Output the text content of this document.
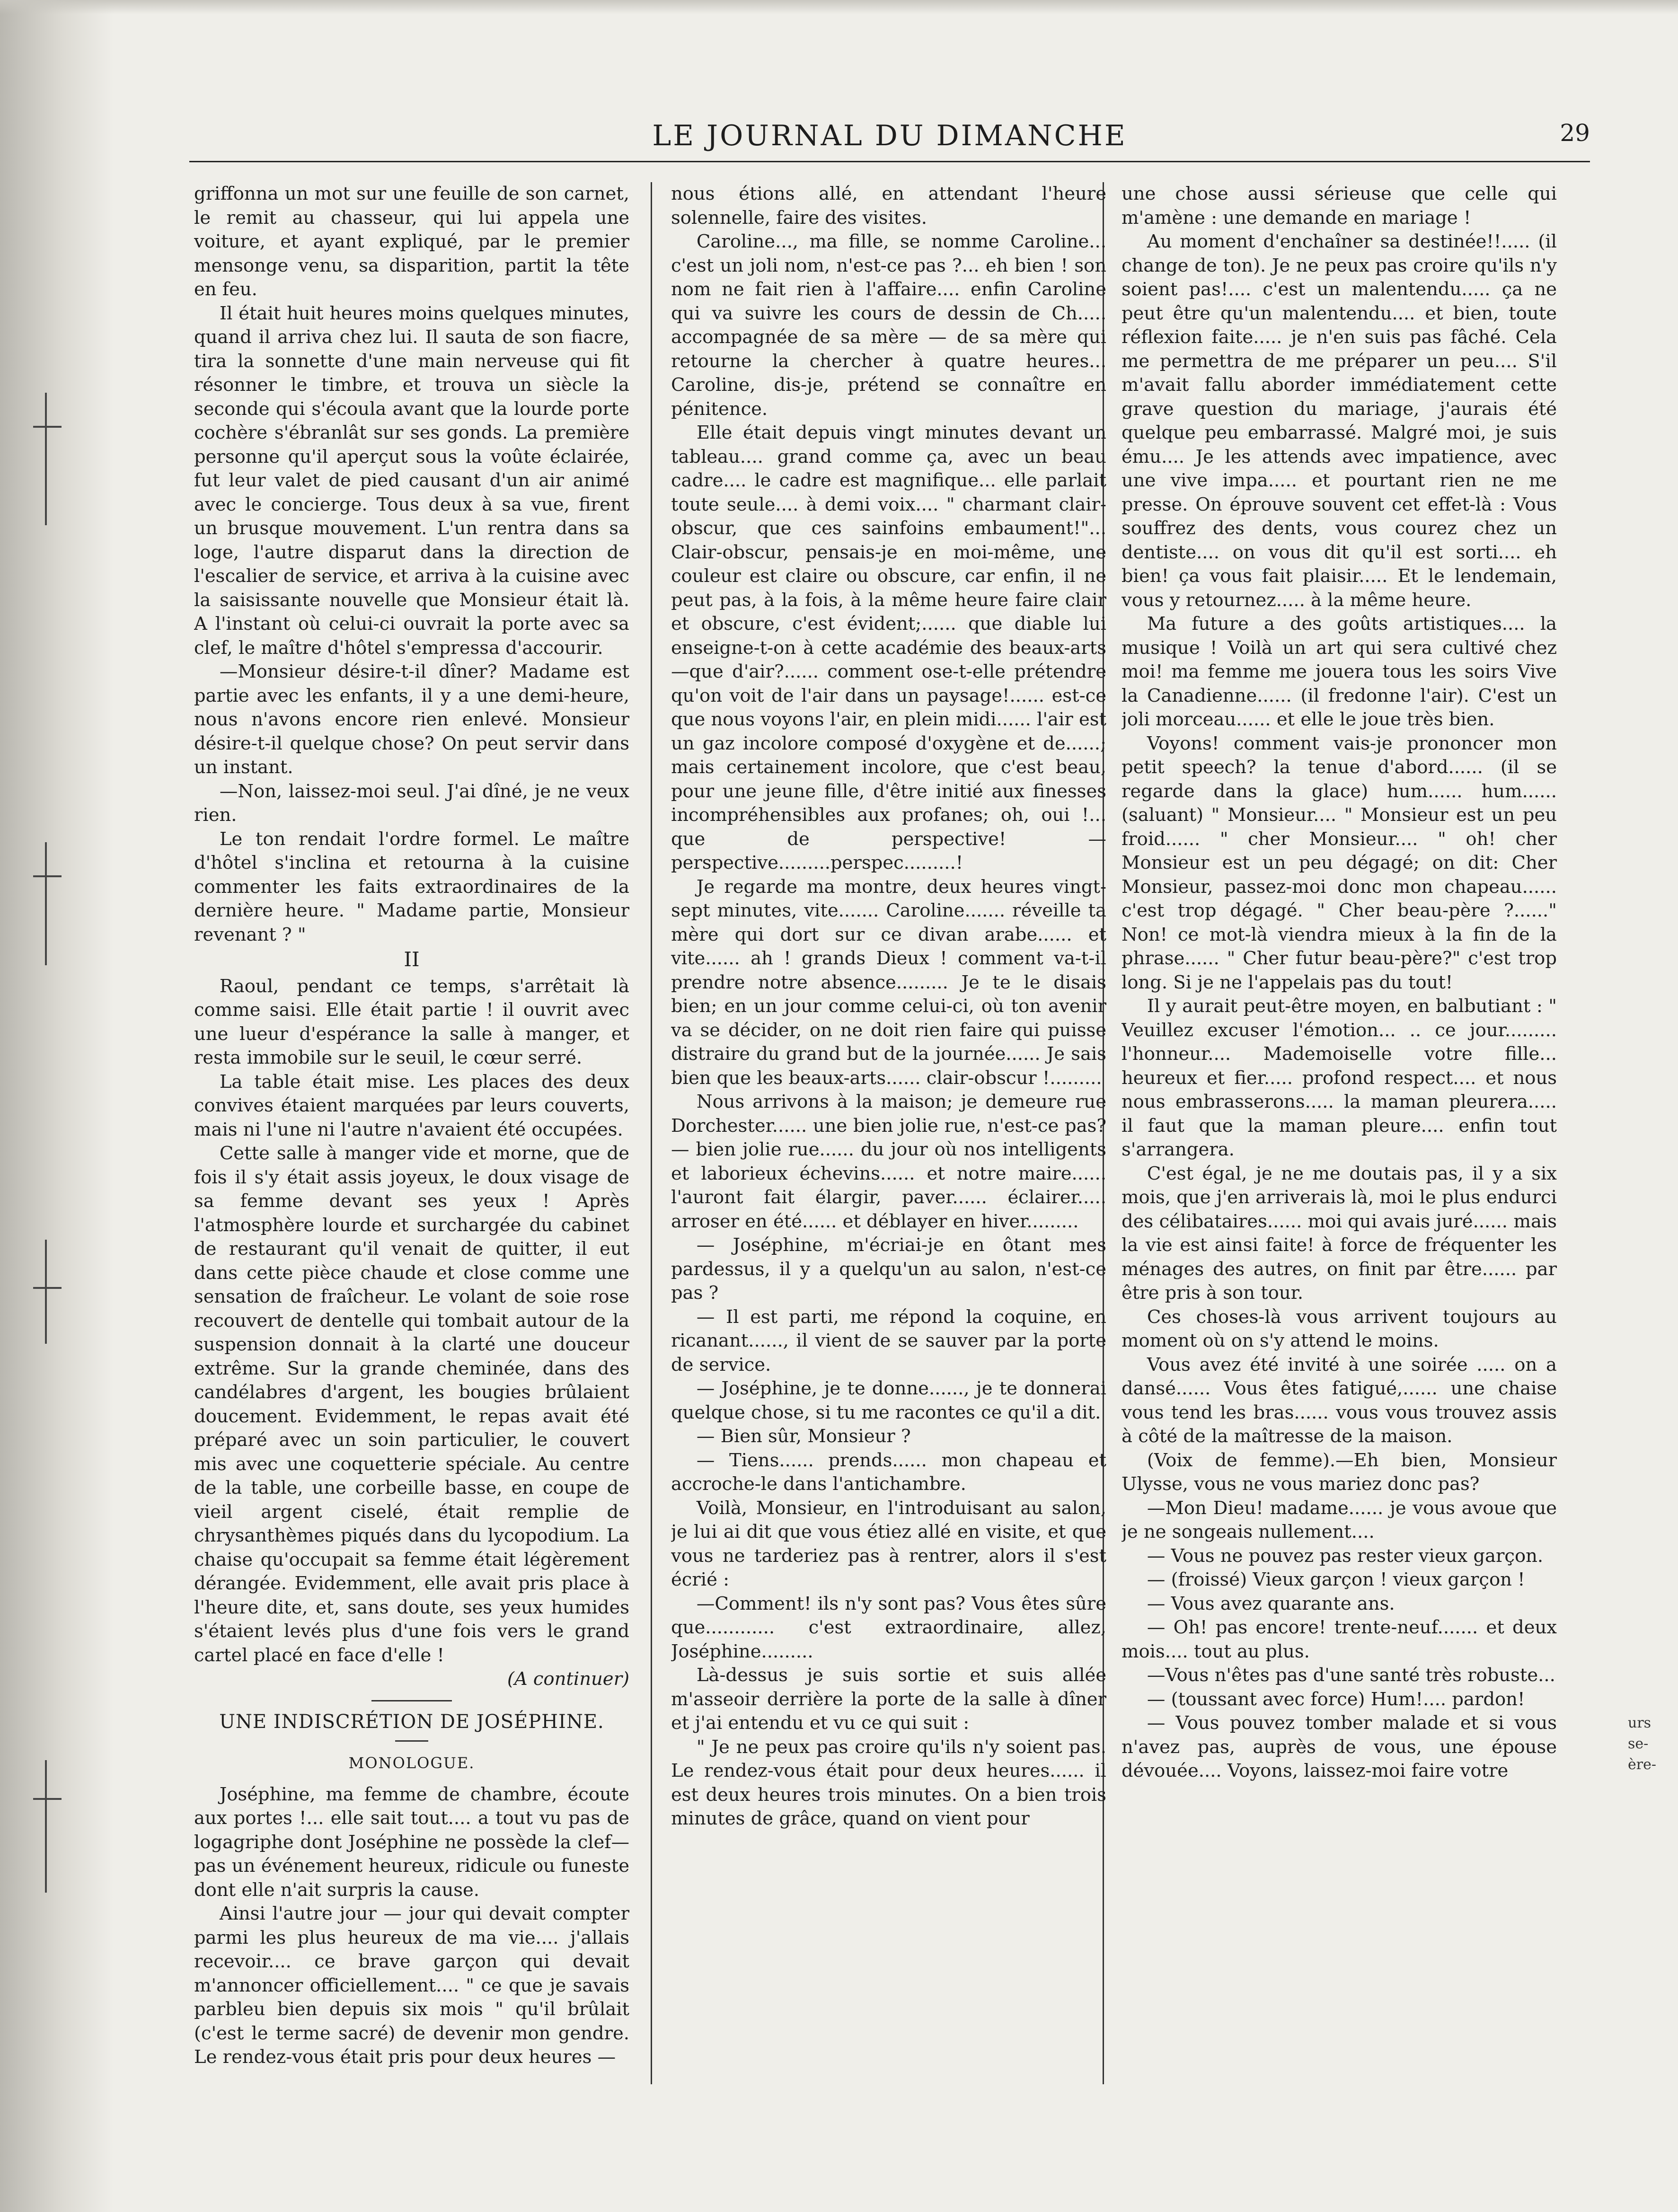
LE JOURNAL DU DIMANCHE	29

griffonna un mot sur une feuille de son carnet, le remit au chasseur, qui lui appela une voiture, et ayant expliqué, par le premier mensonge venu, sa disparition, partit la tête en feu.

Il était huit heures moins quelques minutes, quand il arriva chez lui. Il sauta de son fiacre, tira la sonnette d'une main nerveuse qui fit résonner le timbre, et trouva un siècle la seconde qui s'écoula avant que la lourde porte cochère s'ébranlât sur ses gonds. La première personne qu'il aperçut sous la voûte éclairée, fut leur valet de pied causant d'un air animé avec le concierge. Tous deux à sa vue, firent un brusque mouvement. L'un rentra dans sa loge, l'autre disparut dans la direction de l'escalier de service, et arriva à la cuisine avec la saisissante nouvelle que Monsieur était là. A l'instant où celui-ci ouvrait la porte avec sa clef, le maître d'hôtel s'empressa d'accourir.

—Monsieur désire-t-il dîner? Madame est partie avec les enfants, il y a une demi-heure, nous n'avons encore rien enlevé. Monsieur désire-t-il quelque chose? On peut servir dans un instant.

—Non, laissez-moi seul. J'ai dîné, je ne veux rien.

Le ton rendait l'ordre formel. Le maître d'hôtel s'inclina et retourna à la cuisine commenter les faits extraordinaires de la dernière heure. " Madame partie, Monsieur revenant ? "

II

Raoul, pendant ce temps, s'arrêtait là comme saisi. Elle était partie ! il ouvrit avec une lueur d'espérance la salle à manger, et resta immobile sur le seuil, le cœur serré.

La table était mise. Les places des deux convives étaient marquées par leurs couverts, mais ni l'une ni l'autre n'avaient été occupées.

Cette salle à manger vide et morne, que de fois il s'y était assis joyeux, le doux visage de sa femme devant ses yeux ! Après l'atmosphère lourde et surchargée du cabinet de restaurant qu'il venait de quitter, il eut dans cette pièce chaude et close comme une sensation de fraîcheur. Le volant de soie rose recouvert de dentelle qui tombait autour de la suspension donnait à la clarté une douceur extrême. Sur la grande cheminée, dans des candélabres d'argent, les bougies brûlaient doucement. Evidemment, le repas avait été préparé avec un soin particulier, le couvert mis avec une coquetterie spéciale. Au centre de la table, une corbeille basse, en coupe de vieil argent ciselé, était remplie de chrysanthèmes piqués dans du lycopodium. La chaise qu'occupait sa femme était légèrement dérangée. Evidemment, elle avait pris place à l'heure dite, et, sans doute, ses yeux humides s'étaient levés plus d'une fois vers le grand cartel placé en face d'elle !

(A continuer)

UNE INDISCRÉTION DE JOSÉPHINE.
MONOLOGUE.

Joséphine, ma femme de chambre, écoute aux portes !... elle sait tout.... a tout vu pas de logagriphe dont Joséphine ne possède la clef—pas un événement heureux, ridicule ou funeste dont elle n'ait surpris la cause.

Ainsi l'autre jour — jour qui devait compter parmi les plus heureux de ma vie.... j'allais recevoir.... ce brave garçon qui devait m'annoncer officiellement.... " ce que je savais parbleu bien depuis six mois " qu'il brûlait (c'est le terme sacré) de devenir mon gendre. Le rendez-vous était pris pour deux heures —

nous étions allé, en attendant l'heure solennelle, faire des visites.

Caroline..., ma fille, se nomme Caroline... c'est un joli nom, n'est-ce pas ?... eh bien ! son nom ne fait rien à l'affaire.... enfin Caroline qui va suivre les cours de dessin de Ch..... accompagnée de sa mère — de sa mère qui retourne la chercher à quatre heures... Caroline, dis-je, prétend se connaître en pénitence.

Elle était depuis vingt minutes devant un tableau.... grand comme ça, avec un beau cadre.... le cadre est magnifique... elle parlait toute seule.... à demi voix.... " charmant clair-obscur, que ces sainfoins embaument!"... Clair-obscur, pensais-je en moi-même, une couleur est claire ou obscure, car enfin, il ne peut pas, à la fois, à la même heure faire clair et obscure, c'est évident;...... que diable lui enseigne-t-on à cette académie des beaux-arts—que d'air?...... comment ose-t-elle prétendre qu'on voit de l'air dans un paysage!...... est-ce que nous voyons l'air, en plein midi...... l'air est un gaz incolore composé d'oxygène et de......; mais certainement incolore, que c'est beau, pour une jeune fille, d'être initié aux finesses incompréhensibles aux profanes; oh, oui !... que de perspective! — perspective.........perspec.........!

Je regarde ma montre, deux heures vingt-sept minutes, vite....... Caroline....... réveille ta mère qui dort sur ce divan arabe...... et vite...... ah ! grands Dieux ! comment va-t-il prendre notre absence......... Je te le disais bien; en un jour comme celui-ci, où ton avenir va se décider, on ne doit rien faire qui puisse distraire du grand but de la journée...... Je sais bien que les beaux-arts...... clair-obscur !.........

Nous arrivons à la maison; je demeure rue Dorchester...... une bien jolie rue, n'est-ce pas? — bien jolie rue...... du jour où nos intelligents et laborieux échevins...... et notre maire...... l'auront fait élargir, paver...... éclairer..... arroser en été...... et déblayer en hiver.........

— Joséphine, m'écriai-je en ôtant mes pardessus, il y a quelqu'un au salon, n'est-ce pas ?

— Il est parti, me répond la coquine, en ricanant......, il vient de se sauver par la porte de service.

— Joséphine, je te donne......, je te donnerai quelque chose, si tu me racontes ce qu'il a dit.

— Bien sûr, Monsieur ?

— Tiens...... prends...... mon chapeau et accroche-le dans l'antichambre.

Voilà, Monsieur, en l'introduisant au salon, je lui ai dit que vous étiez allé en visite, et que vous ne tarderiez pas à rentrer, alors il s'est écrié :

—Comment! ils n'y sont pas? Vous êtes sûre que............ c'est extraordinaire, allez, Joséphine.........

Là-dessus je suis sortie et suis allée m'asseoir derrière la porte de la salle à dîner et j'ai entendu et vu ce qui suit :

" Je ne peux pas croire qu'ils n'y soient pas. Le rendez-vous était pour deux heures...... il est deux heures trois minutes. On a bien trois minutes de grâce, quand on vient pour

une chose aussi sérieuse que celle qui m'amène : une demande en mariage !

Au moment d'enchaîner sa destinée!!..... (il change de ton). Je ne peux pas croire qu'ils n'y soient pas!.... c'est un malentendu..... ça ne peut être qu'un malentendu.... et bien, toute réflexion faite..... je n'en suis pas fâché. Cela me permettra de me préparer un peu.... S'il m'avait fallu aborder immédiatement cette grave question du mariage, j'aurais été quelque peu embarrassé. Malgré moi, je suis ému.... Je les attends avec impatience, avec une vive impa..... et pourtant rien ne me presse. On éprouve souvent cet effet-là : Vous souffrez des dents, vous courez chez un dentiste.... on vous dit qu'il est sorti.... eh bien! ça vous fait plaisir..... Et le lendemain, vous y retournez..... à la même heure.

Ma future a des goûts artistiques.... la musique ! Voilà un art qui sera cultivé chez moi! ma femme me jouera tous les soirs Vive la Canadienne...... (il fredonne l'air). C'est un joli morceau...... et elle le joue très bien.

Voyons! comment vais-je prononcer mon petit speech? la tenue d'abord...... (il se regarde dans la glace) hum...... hum...... (saluant) " Monsieur.... " Monsieur est un peu froid...... " cher Monsieur.... " oh! cher Monsieur est un peu dégagé; on dit: Cher Monsieur, passez-moi donc mon chapeau...... c'est trop dégagé. " Cher beau-père ?......" Non! ce mot-là viendra mieux à la fin de la phrase...... " Cher futur beau-père?" c'est trop long. Si je ne l'appelais pas du tout!

Il y aurait peut-être moyen, en balbutiant : " Veuillez excuser l'émotion... .. ce jour......... l'honneur.... Mademoiselle votre fille... heureux et fier..... profond respect.... et nous nous embrasserons..... la maman pleurera..... il faut que la maman pleure.... enfin tout s'arrangera.

C'est égal, je ne me doutais pas, il y a six mois, que j'en arriverais là, moi le plus endurci des célibataires...... moi qui avais juré...... mais la vie est ainsi faite! à force de fréquenter les ménages des autres, on finit par être...... par être pris à son tour.

Ces choses-là vous arrivent toujours au moment où on s'y attend le moins.

Vous avez été invité à une soirée ..... on a dansé...... Vous êtes fatigué,...... une chaise vous tend les bras...... vous vous trouvez assis à côté de la maîtresse de la maison.

(Voix de femme).—Eh bien, Monsieur Ulysse, vous ne vous mariez donc pas?

—Mon Dieu! madame...... je vous avoue que je ne songeais nullement....

— Vous ne pouvez pas rester vieux garçon.

— (froissé) Vieux garçon ! vieux garçon !

— Vous avez quarante ans.

— Oh! pas encore! trente-neuf....... et deux mois.... tout au plus.

—Vous n'êtes pas d'une santé très robuste...

— (toussant avec force) Hum!.... pardon!

— Vous pouvez tomber malade et si vous n'avez pas, auprès de vous, une épouse dévouée.... Voyons, laissez-moi faire votre

urs
se-
ère-
